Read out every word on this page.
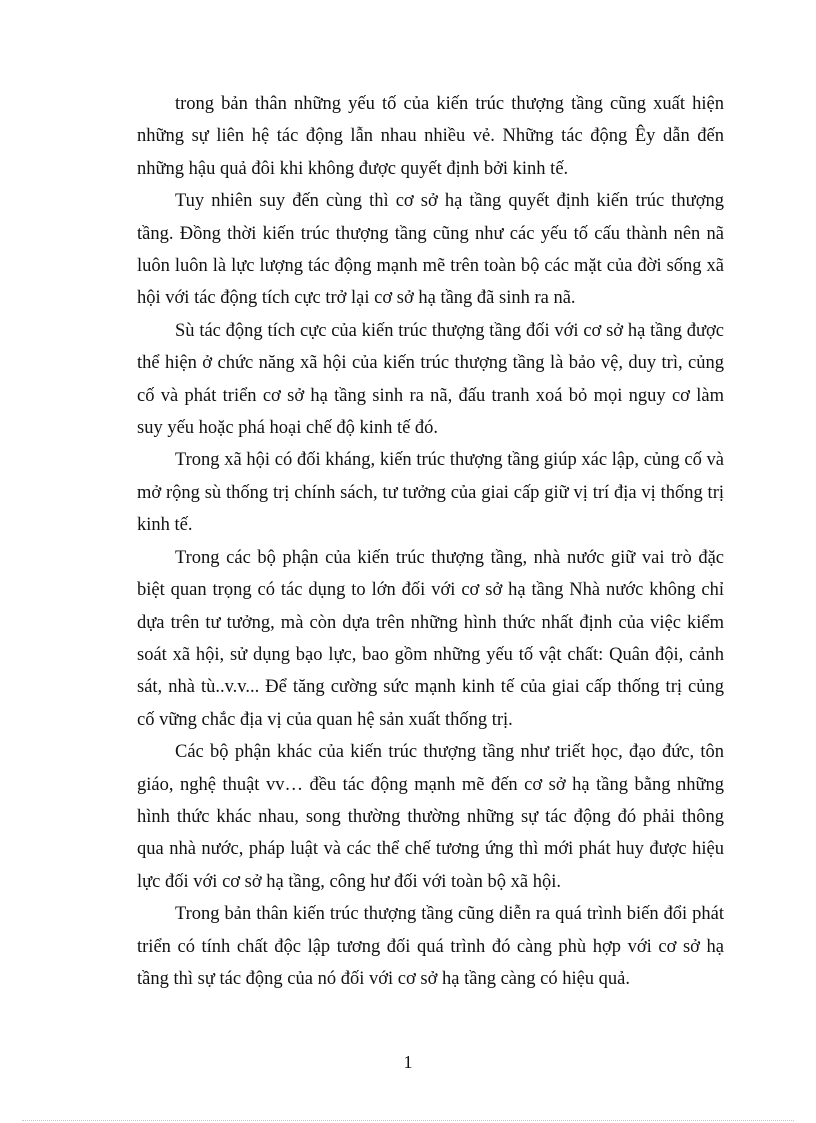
trong bản thân những yếu tố của kiến trúc thượng tầng cũng xuất hiện những sự liên hệ tác động lẫn nhau nhiều vẻ. Những tác động Êy dẫn đến những hậu quả đôi khi không được quyết định bởi kinh tế.

Tuy nhiên suy đến cùng thì cơ sở hạ tầng quyết định kiến trúc thượng tầng. Đồng thời kiến trúc thượng tầng cũng như các yếu tố cấu thành nên nã luôn luôn là lực lượng tác động mạnh mẽ trên toàn bộ các mặt của đời sống xã hội với tác động tích cực trở lại cơ sở hạ tầng đã sinh ra nã.

Sù tác động tích cực của kiến trúc thượng tầng đối với cơ sở hạ tầng được thể hiện ở chức năng xã hội của kiến trúc thượng tầng là bảo vệ, duy trì, củng cố và phát triển cơ sở hạ tầng sinh ra nã, đấu tranh xoá bỏ mọi nguy cơ làm suy yếu hoặc phá hoại chế độ kinh tế đó.

Trong xã hội có đối kháng, kiến trúc thượng tầng giúp xác lập, củng cố và mở rộng sù thống trị chính sách, tư tưởng của giai cấp giữ vị trí địa vị thống trị kinh tế.

Trong các bộ phận của kiến trúc thượng tầng, nhà nước giữ vai trò đặc biệt quan trọng có tác dụng to lớn đối với cơ sở hạ tầng Nhà nước không chỉ dựa trên tư tưởng, mà còn dựa trên những hình thức nhất định của việc kiểm soát xã hội, sử dụng bạo lực, bao gồm những yếu tố vật chất: Quân đội, cảnh sát, nhà tù..v.v... Để tăng cường sức mạnh kinh tế của giai cấp thống trị củng cố vững chắc địa vị của quan hệ sản xuất thống trị.

Các bộ phận khác của kiến trúc thượng tầng như triết học, đạo đức, tôn giáo, nghệ thuật vv… đều tác động mạnh mẽ đến cơ sở hạ tầng bằng những hình thức khác nhau, song thường thường những sự tác động đó phải thông qua nhà nước, pháp luật và các thể chế tương ứng thì mới phát huy được hiệu lực đối với cơ sở hạ tầng, công hư đối với toàn bộ xã hội.

Trong bản thân kiến trúc thượng tầng cũng diễn ra quá trình biến đổi phát triển có tính chất độc lập tương đối quá trình đó càng phù hợp với cơ sở hạ tầng thì sự tác động của nó đối với cơ sở hạ tầng càng có hiệu quả.

1
